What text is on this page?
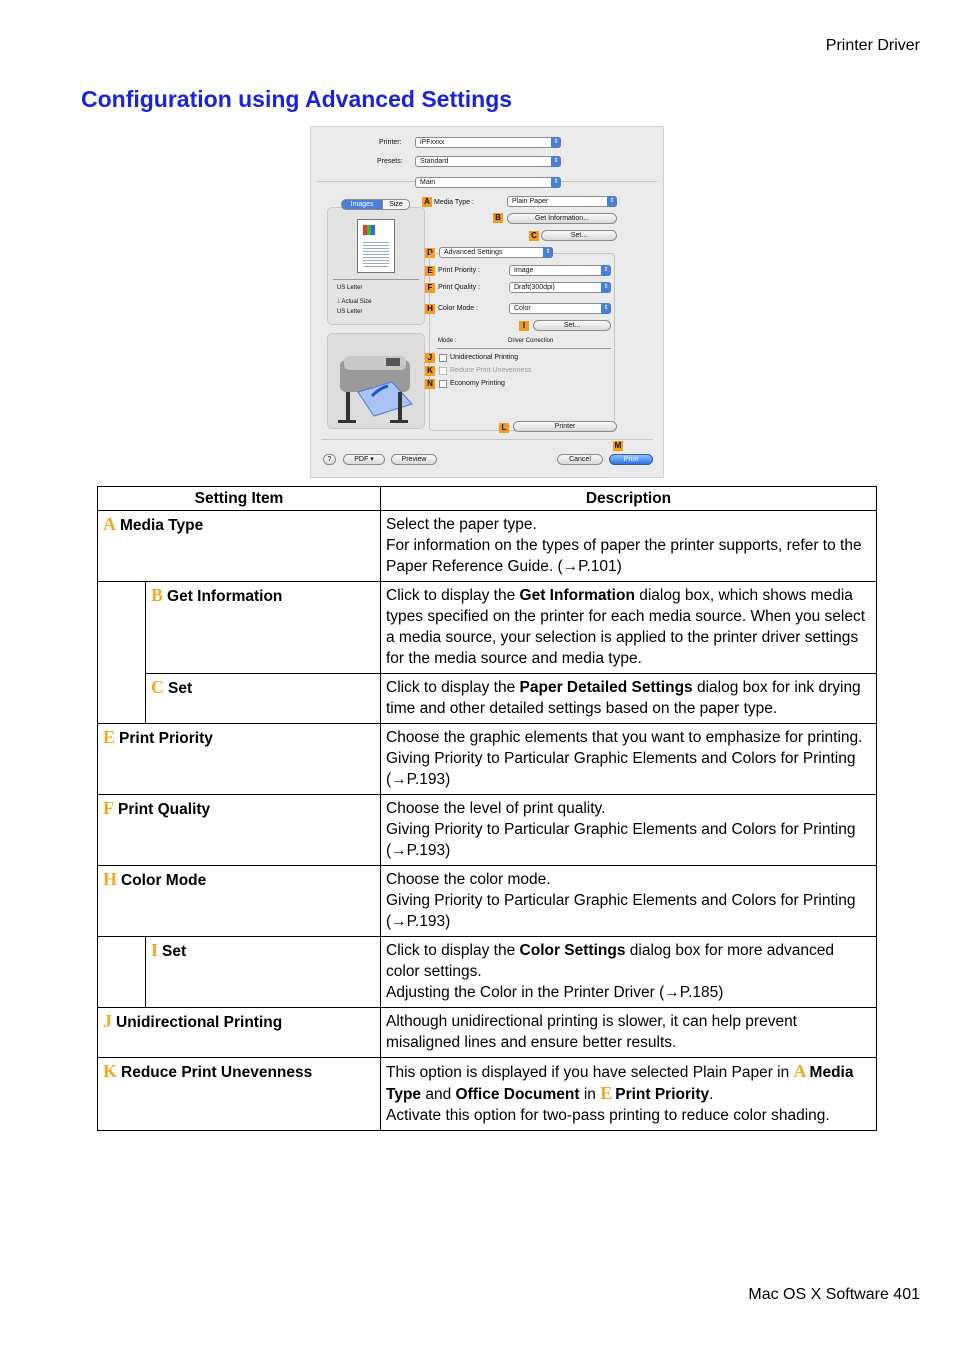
Printer Driver
Configuration using Advanced Settings
Printer:	iPFxxxx	⇕
Presets:	Standard	⇕
Main	⇕
Images	Size
US Letter
🡓 Actual Size
US Letter
A Media Type :	Plain Paper	⇕
B	Get Information...
C	Set...
D	Advanced Settings	⇕
E Print Priority :	Image	⇕
F Print Quality :	Draft(300dpi)	⇕
H Color Mode :	Color	⇕
I	Set...
Mode :	Driver Correction
J	Unidirectional Printing
K	Reduce Print Unevenness
N	Economy Printing
L	Printer
M
?	PDF ▾	Preview	Cancel	Print
Setting Item		Description
A Media Type		Select the paper type.
For information on the types of paper the printer supports, refer to the Paper Reference Guide. (→P.101)

	B Get Information	Click to display the Get Information dialog box, which shows media types specified on the printer for each media source. When you select a media source, your selection is applied to the printer driver settings for the media source and media type.
	C Set	Click to display the Paper Detailed Settings dialog box for ink drying time and other detailed settings based on the paper type.
E Print Priority		Choose the graphic elements that you want to emphasize for printing.
Giving Priority to Particular Graphic Elements and Colors for Printing (→P.193)

F Print Quality		Choose the level of print quality.
Giving Priority to Particular Graphic Elements and Colors for Printing (→P.193)

H Color Mode		Choose the color mode.
Giving Priority to Particular Graphic Elements and Colors for Printing (→P.193)

	I Set	Click to display the Color Settings dialog box for more advanced color settings.
Adjusting the Color in the Printer Driver (→P.185)

J Unidirectional Printing		Although unidirectional printing is slower, it can help prevent misaligned lines and ensure better results.
K Reduce Print Unevenness		This option is displayed if you have selected Plain Paper in A Media Type and Office Document in E Print Priority.
Activate this option for two-pass printing to reduce color shading.
Mac OS X Software 401
